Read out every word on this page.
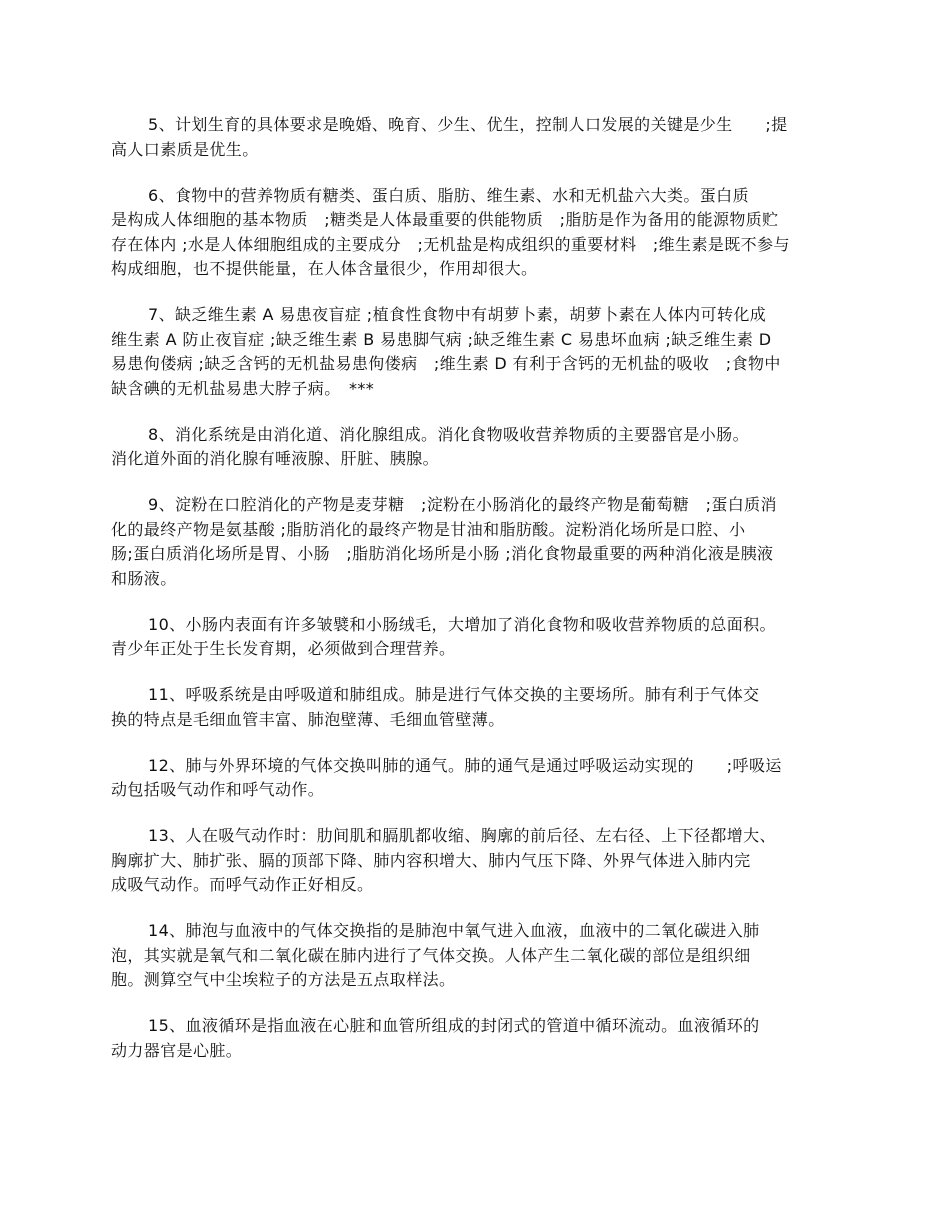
5、计划生育的具体要求是晚婚、晚育、少生、优生，控制人口发展的关键是少生　　;提
高人口素质是优生。
6、食物中的营养物质有糖类、蛋白质、脂肪、维生素、水和无机盐六大类。蛋白质
是构成人体细胞的基本物质　;糖类是人体最重要的供能物质　;脂肪是作为备用的能源物质贮
存在体内 ;水是人体细胞组成的主要成分　;无机盐是构成组织的重要材料　;维生素是既不参与
构成细胞，也不提供能量，在人体含量很少，作用却很大。
7、缺乏维生素 A 易患夜盲症 ;植食性食物中有胡萝卜素，胡萝卜素在人体内可转化成
维生素 A 防止夜盲症 ;缺乏维生素 B 易患脚气病 ;缺乏维生素 C 易患坏血病 ;缺乏维生素 D
易患佝偻病 ;缺乏含钙的无机盐易患佝偻病　;维生素 D 有利于含钙的无机盐的吸收　;食物中
缺含碘的无机盐易患大脖子病。　***
8、消化系统是由消化道、消化腺组成。消化食物吸收营养物质的主要器官是小肠。
消化道外面的消化腺有唾液腺、肝脏、胰腺。
9、淀粉在口腔消化的产物是麦芽糖　;淀粉在小肠消化的最终产物是葡萄糖　;蛋白质消
化的最终产物是氨基酸 ;脂肪消化的最终产物是甘油和脂肪酸。淀粉消化场所是口腔、小
肠;蛋白质消化场所是胃、小肠　;脂肪消化场所是小肠 ;消化食物最重要的两种消化液是胰液
和肠液。
10、小肠内表面有许多皱襞和小肠绒毛，大增加了消化食物和吸收营养物质的总面积。
青少年正处于生长发育期，必须做到合理营养。
11、呼吸系统是由呼吸道和肺组成。肺是进行气体交换的主要场所。肺有利于气体交
换的特点是毛细血管丰富、肺泡壁薄、毛细血管壁薄。
12、肺与外界环境的气体交换叫肺的通气。肺的通气是通过呼吸运动实现的　　;呼吸运
动包括吸气动作和呼气动作。
13、人在吸气动作时：肋间肌和膈肌都收缩、胸廓的前后径、左右径、上下径都增大、
胸廓扩大、肺扩张、膈的顶部下降、肺内容积增大、肺内气压下降、外界气体进入肺内完
成吸气动作。而呼气动作正好相反。
14、肺泡与血液中的气体交换指的是肺泡中氧气进入血液，血液中的二氧化碳进入肺
泡，其实就是氧气和二氧化碳在肺内进行了气体交换。人体产生二氧化碳的部位是组织细
胞。测算空气中尘埃粒子的方法是五点取样法。
15、血液循环是指血液在心脏和血管所组成的封闭式的管道中循环流动。血液循环的
动力器官是心脏。
